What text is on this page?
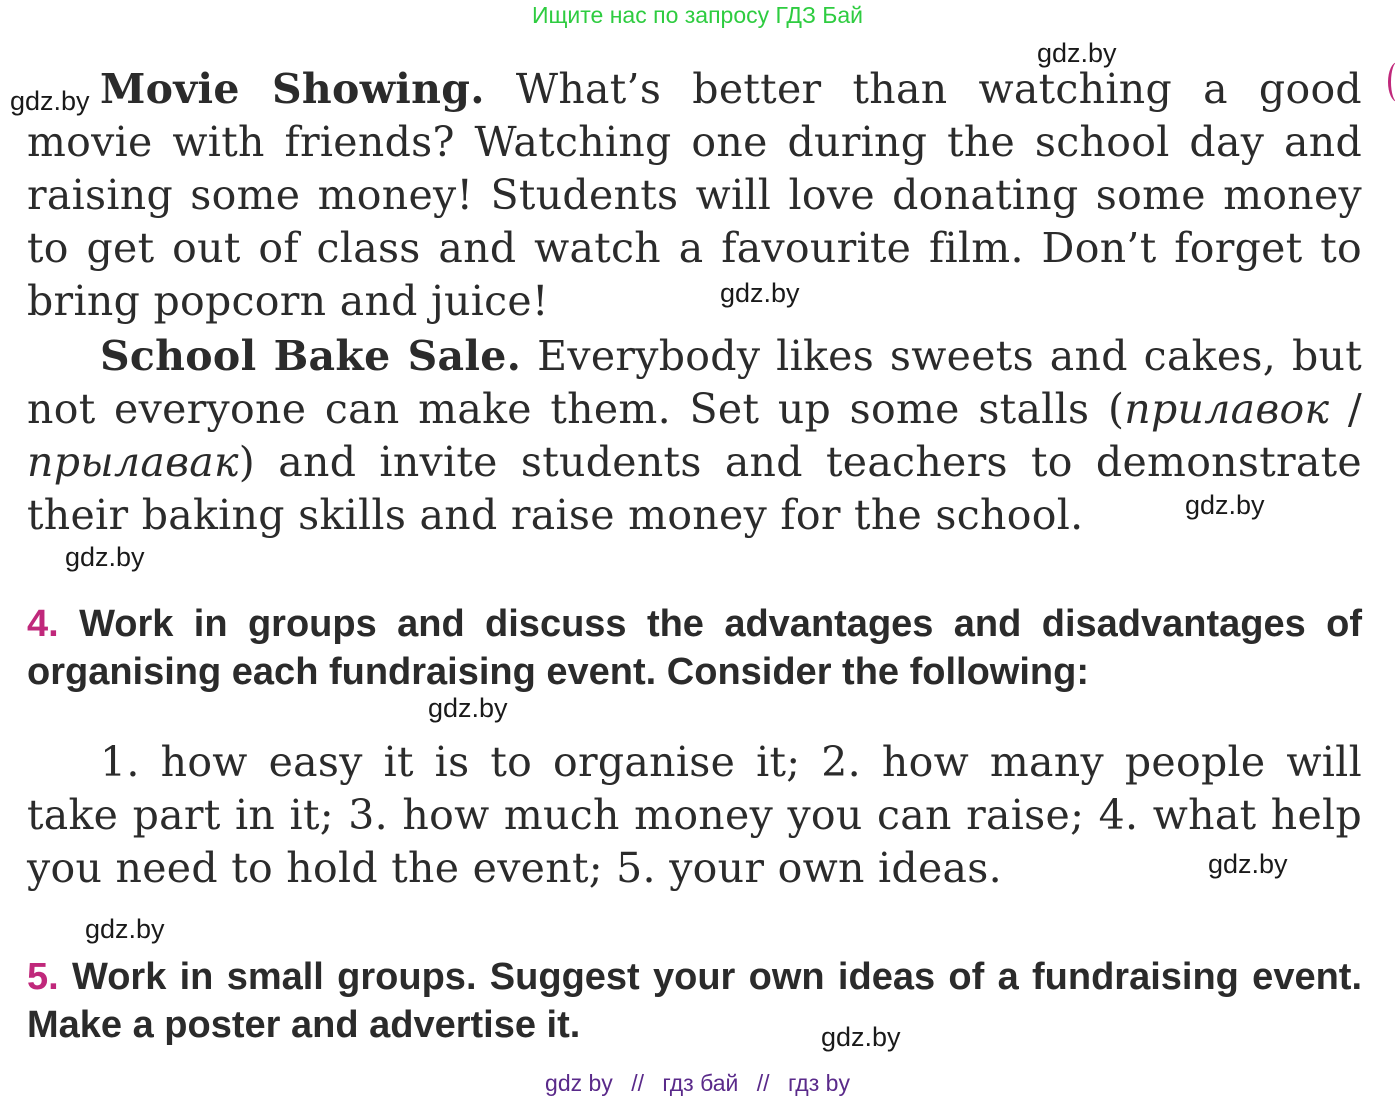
Ищите нас по запросу ГДЗ Бай
gdz.by
gdz.by
gdz.by
gdz.by
gdz.by
gdz.by
gdz.by
gdz.by
gdz.by

Movie Showing. What’s better than watching a good movie with friends? Watching one during the school day and raising some money! Students will love donating some money to get out of class and watch a favourite film. Don’t forget to bring popcorn and juice!

School Bake Sale. Everybody likes sweets and cakes, but not everyone can make them. Set up some stalls (прилавок / прылавак) and invite students and teachers to demonstrate their baking skills and raise money for the school.

4. Work in groups and discuss the advantages and disadvantages of organising each fundraising event. Consider the following:

1. how easy it is to organise it; 2. how many people will take part in it; 3. how much money you can raise; 4. what help you need to hold the event; 5. your own ideas.

5. Work in small groups. Suggest your own ideas of a fundraising event. Make a poster and advertise it.

gdz by // гдз бай // гдз by
